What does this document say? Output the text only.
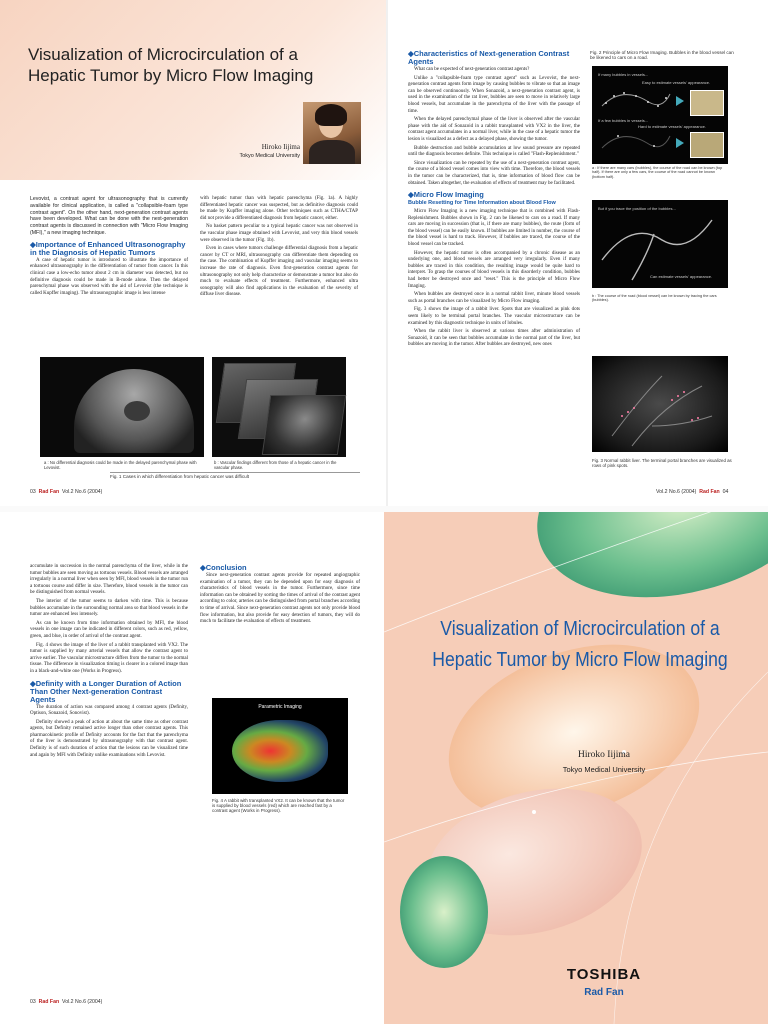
Visualization of Microcirculation of a Hepatic Tumor by Micro Flow Imaging
Hiroko Iijima
Tokyo Medical University

Levovist, a contrast agent for ultrasonography that is currently available for clinical application, is called a "collapsible-foam type contrast agent". On the other hand, next-generation contrast agents have been developed. What can be done with the next-generation contrast agents is discussed in connection with "Micro Flow Imaging (MFI)," a new imaging technique.

◆Importance of Enhanced Ultrasonography in the Diagnosis of Hepatic Tumors

A case of hepatic tumor is introduced to illustrate the importance of enhanced ultrasonography in the differentiation of tumor from cancer. In this clinical case a low-echo tumor about 2 cm in diameter was detected, but no definitive diagnosis could be made in B-mode alone. Then the delayed parenchymal phase was observed with the aid of Levovist (the technique is called Kupffer imaging). The ultrasonographic image is less intense

with hepatic tumor than with hepatic parenchyma (Fig. 1a). A highly differentiated hepatic cancer was suspected, but as definitive diagnosis could be made by Kupffer imaging alone. Other techniques such as CTHA/CTAP did not provide a differentiated diagnosis from hepatic cancer, either.

No basket pattern peculiar to a typical hepatic cancer was not observed in the vascular phase image obtained with Levovist, and very thin blood vessels were observed in the tumor (Fig. 1b).

Even in cases where tumors challenge differential diagnosis from a hepatic cancer by CT or MRI, ultrasonography can differentiate them depending on the case. The combination of Kupffer imaging and vascular imaging seems to increase the rate of diagnosis. Even first-generation contrast agents for ultrasonography not only help characterize or demonstrate a tumor but also do much to evaluate effects of treatment. Furthermore, enhanced ultra sonography will also find applications in the evaluation of the severity of diffuse liver disease.

a : No differential diagnosis could be made in the delayed parenchymal phase with Levovist.
b : Vascular findings different from those of a hepatic cancer in the vascular phase.
Fig. 1 Cases in which differentiation from hepatic cancer was difficult
◆Characteristics of Next-generation Contrast Agents

What can be expected of next-generation contrast agents?

Unlike a "collapsible-foam type contrast agent" such as Levovist, the next-generation contrast agents form image by causing bubbles to vibrate so that an image can be observed continuously. When Sonazoid, a next-generation contrast agent, is used in the examination of the rat liver, bubbles are seen to move in relatively large blood vessels, but accumulate in the parenchyma of the liver with the passage of time.

When the delayed parenchymal phase of the liver is observed after the vascular phase with the aid of Sonazoid in a rabbit transplanted with VX2 in the liver, the contrast agent accumulates in a normal liver, while in the case of a hepatic tumor the lesion is visualized as a defect as a delayed phase, showing the tumor.

Bubble destruction and bubble accumulation at low sound pressure are repeated until the diagnosis becomes definite. This technique is called "Flash-Replenishment."

Since visualization can be repeated by the use of a next-generation contrast agent, the course of a blood vessel comes into view with time. Therefore, the blood vessels in the tumor can be characterized, that is, time information of blood flow can be obtained. Taken altogether, the evaluation of effects of treatment may be facilitated.

◆Micro Flow Imaging
Bubble Resetting for Time Information about Blood Flow

Micro Flow Imaging is a new imaging technique that is combined with Flash-Replenishment. Bubbles shown in Fig. 2 can be likened to cars on a road. If many cars are moving in succession (that is, if there are many bubbles), the route (form of the blood vessel) can be easily known. If bubbles are limited in number, the course of the blood vessel is hard to track. However, if bubbles are traced, the course of the blood vessel can be tracked.

However, the hepatic tumor is often accompanied by a chronic disease as an underlying one, and blood vessels are arranged very irregularly. Even if many bubbles are traced in this condition, the resulting image would be quite hard to interpret. To grasp the courses of blood vessels in this disorderly condition, bubbles had better be destroyed once and "reset." This is the principle of Micro Flow Imaging.

When bubbles are destroyed once in a normal rabbit liver, minute blood vessels such as portal branches can be visualized by Micro Flow imaging.

Fig. 3 shows the image of a rabbit liver. Spots that are visualized as pink dots seem likely to be terminal portal branches. The vascular microstructure can be examined by this diagnostic technique in units of lobules.

When the rabbit liver is observed at various times after administration of Sonazoid, it can be seen that bubbles accumulate in the normal part of the liver, but bubbles are moving in the tumor. After bubbles are destroyed, new ones

Fig. 2 Principle of Micro Flow Imaging. Bubbles in the blood vessel can be likened to cars on a road.
If many bubbles in vessels...
Easy to estimate vessels' appearance.
If a few bubbles in vessels...
Hard to estimate vessels' appearance.
a : If there are many cars (bubbles), the course of the road can be known (top half). If there are only a few cars, the course of the road cannot be known (bottom half).
But if you trace the position of the bubbles...
Can estimate vessels' appearance.
b : The course of the road (blood vessel) can be known by tracing the cars (bubbles).
Fig. 3 Normal rabbit liver. The terminal portal branches are visualized as rows of pink spots.
03 Rad Fan Vol.2 No.6 (2004)	Vol.2 No.6 (2004) Rad Fan 04

accumulate in succession in the normal parenchyma of the liver, while in the tumor bubbles are seen moving as tortuous vessels. Blood vessels are arranged irregularly in a normal liver when seen by MFI, blood vessels in the tumor run a tortuous course and differ in size. Therefore, blood vessels in the tumor can be distinguished from normal vessels.

The interior of the tumor seems to darken with time. This is because bubbles accumulate in the surrounding normal area so that blood vessels in the tumor are enhanced less intensely.

As can be known from time information obtained by MFI, the blood vessels in one image can be indicated in different colors, such as red, yellow, green, and blue, in order of arrival of the contrast agent.

Fig. 4 shows the image of the liver of a rabbit transplanted with VX2. The tumor is supplied by many arterial vessels that allow the contrast agent to arrive earlier. The vascular microstructure differs from the tumor to the normal tissue. The difference in visualization timing is clearer in a colored image than in a black-and-white one (Works in Progress).

◆Definity with a Longer Duration of Action Than Other Next-generation Contrast Agents

The duration of action was compared among 4 contrast agents (Definity, Optison, Sonazoid, Sonovist).

Definity showed a peak of action at about the same time as other contrast agents, but Definity remained active longer than other contrast agents. This pharmacokinetic profile of Definity accounts for the fact that the parenchyma of the liver is demonstrated by ultrasonography with that contrast agent. Definity is of such duration of action that the lesions can be visualized time and again by MFI with Definity unlike examinations with Levovist.

◆Conclusion

Since next-generation contrast agents provide for repeated angiographic examination of a tumor, they can be depended upon for easy diagnosis of characteristics of blood vessels in the tumor. Furthermore, since time information can be obtained by sorting the times of arrival of the contrast agent according to color, arteries can be distinguished from portal branches according to time of arrival. Since next-generation contrast agents not only provide blood flow information, but also provide for easy detection of tumors, they will do much to facilitate the evaluation of effects of treatment.

Parametric Imaging
Fig. 4 A rabbit with transplanted VX2. It can be known that the tumor is supplied by blood vessels (red) which are reached fast by a contrast agent (Works in Progress).
03 Rad Fan Vol.2 No.6 (2004)
Visualization of Microcirculation of a Hepatic Tumor by Micro Flow Imaging
Hiroko Iijima
Tokyo Medical University
TOSHIBA
Rad Fan
